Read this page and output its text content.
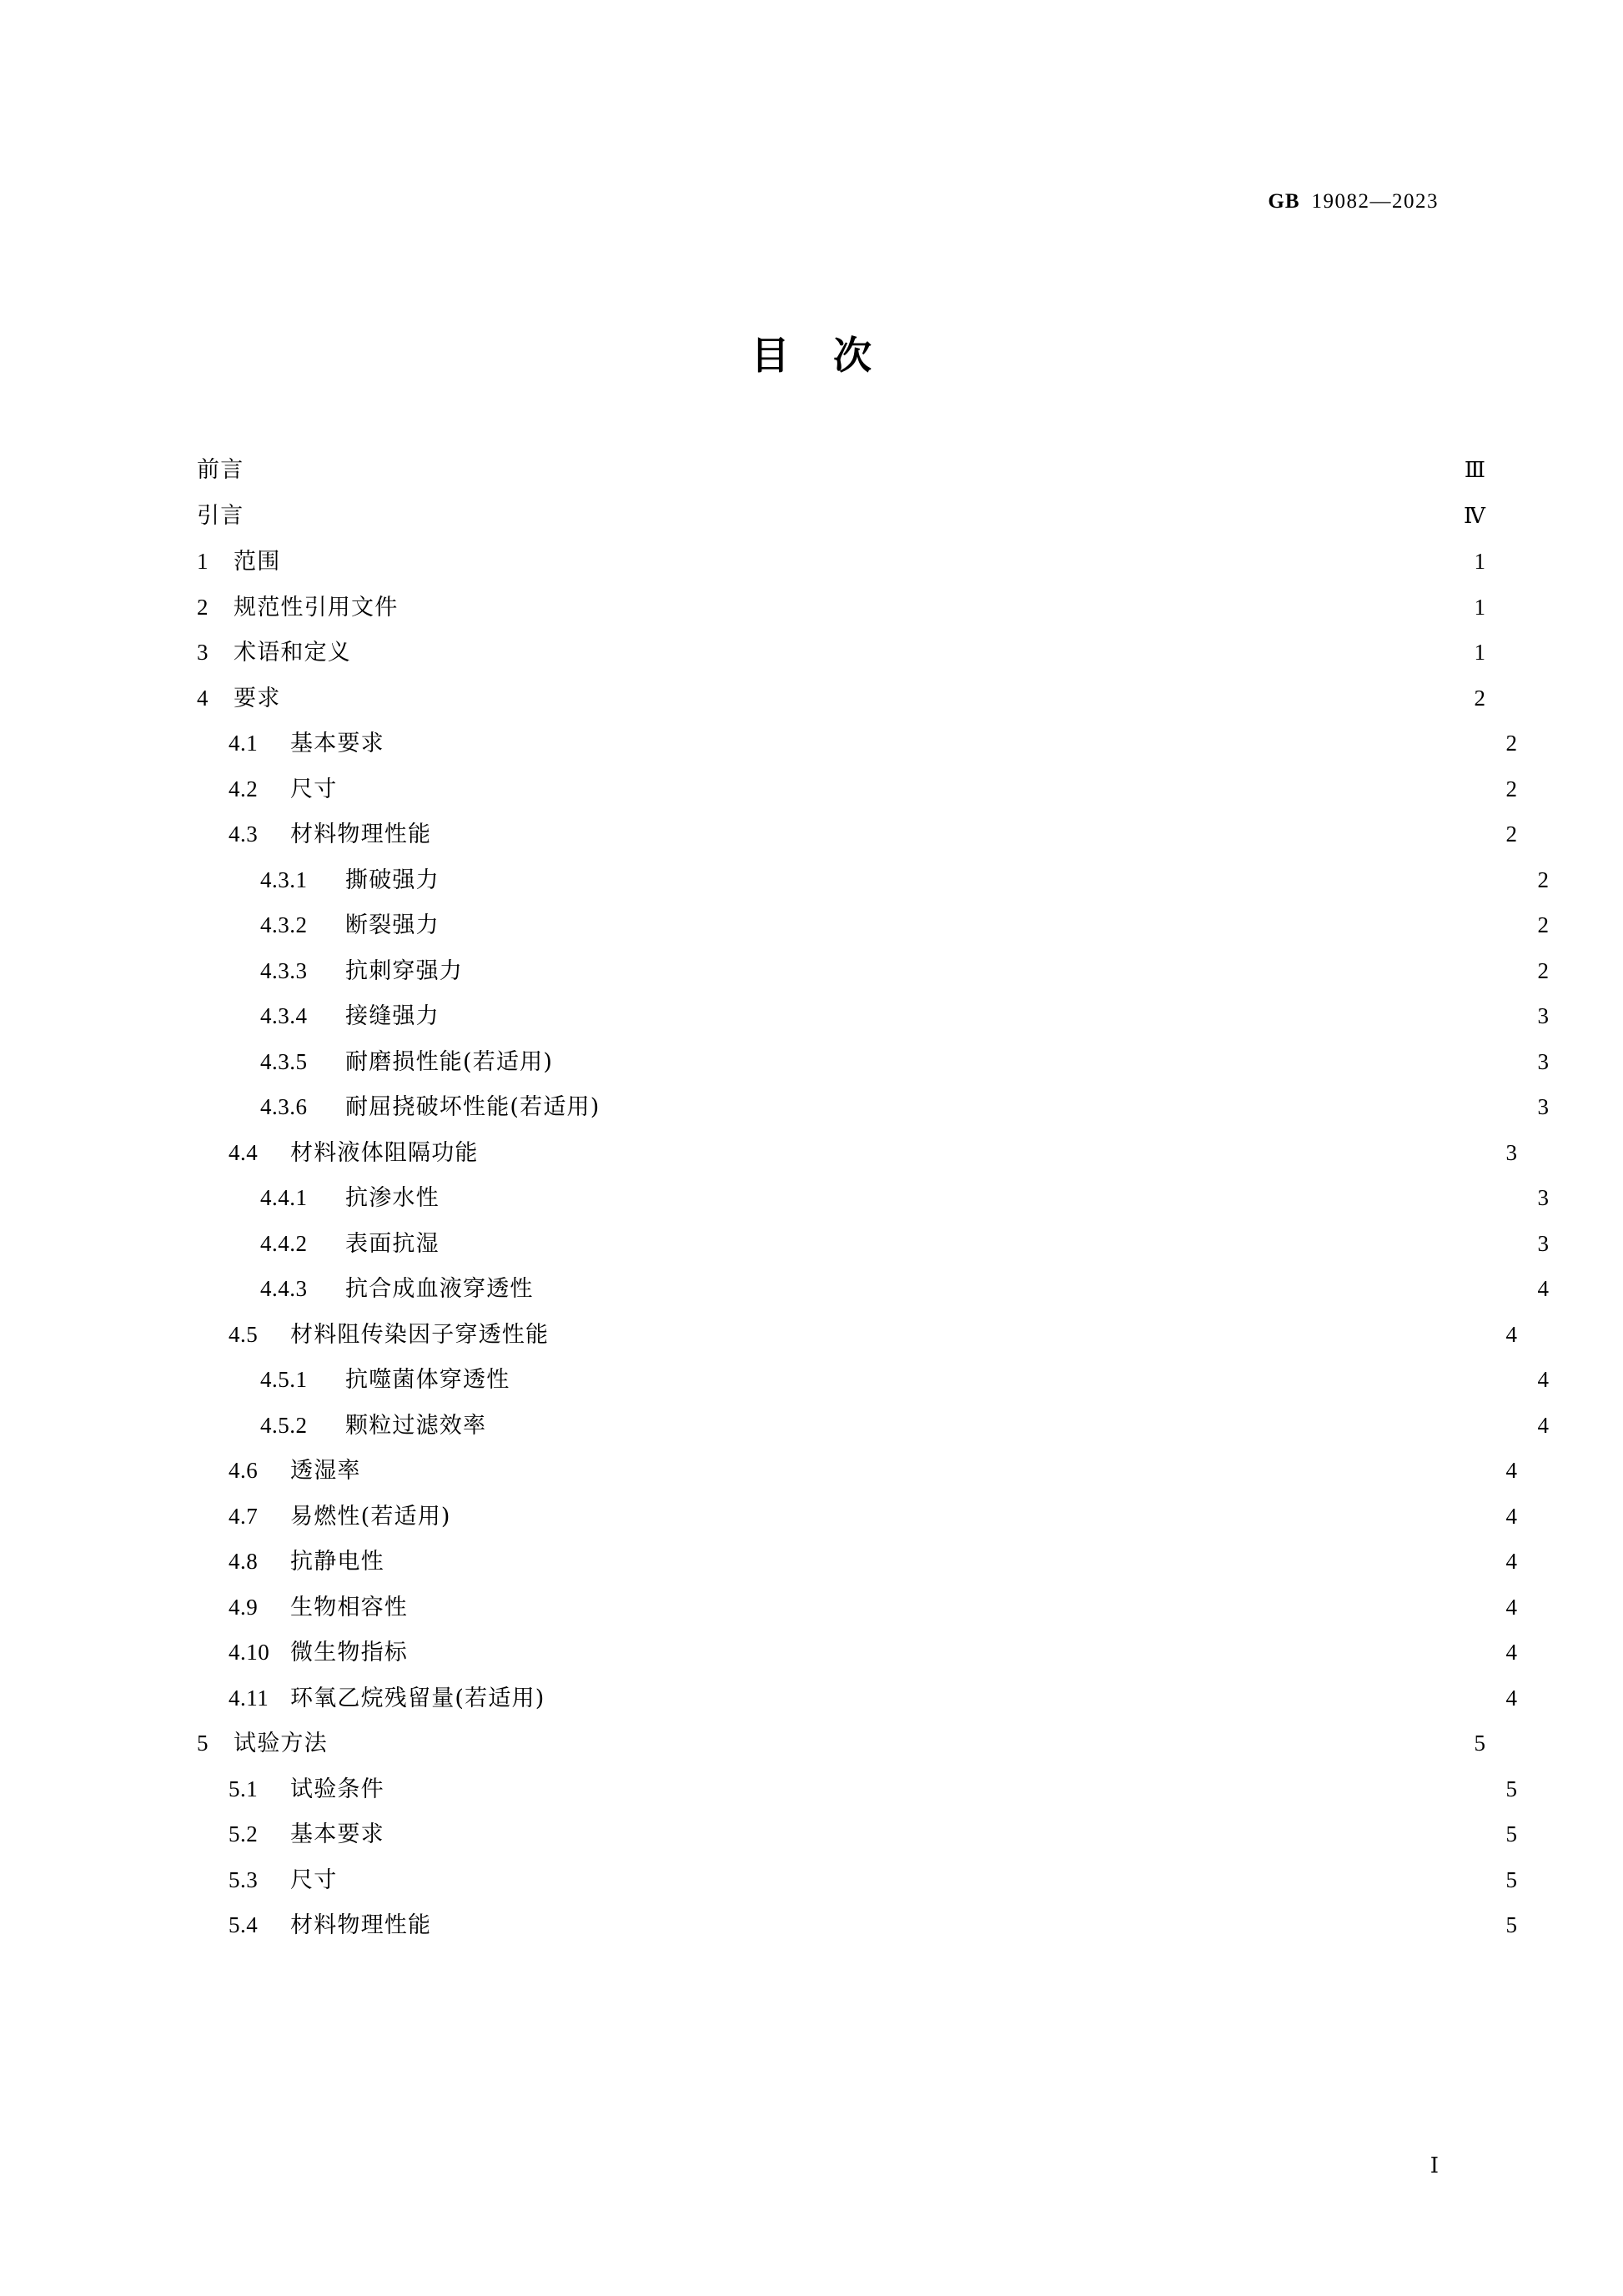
GB 19082—2023
目 次
前言 ·····	Ⅲ
引言 ·····	Ⅳ
1	范围 ·····	1
2	规范性引用文件 ·····	1
3	术语和定义 ·····	1
4	要求 ·····	2
4.1	基本要求 ·····	2
4.2	尺寸 ·····	2
4.3	材料物理性能 ·····	2
4.3.1	撕破强力 ·····	2
4.3.2	断裂强力 ·····	2
4.3.3	抗刺穿强力 ·····	2
4.3.4	接缝强力 ·····	3
4.3.5	耐磨损性能(若适用) ·····	3
4.3.6	耐屈挠破坏性能(若适用) ·····	3
4.4	材料液体阻隔功能 ·····	3
4.4.1	抗渗水性 ·····	3
4.4.2	表面抗湿 ·····	3
4.4.3	抗合成血液穿透性 ·····	4
4.5	材料阻传染因子穿透性能 ·····	4
4.5.1	抗噬菌体穿透性 ·····	4
4.5.2	颗粒过滤效率 ·····	4
4.6	透湿率 ·····	4
4.7	易燃性(若适用) ·····	4
4.8	抗静电性 ·····	4
4.9	生物相容性 ·····	4
4.10 微生物指标 ·····	4
4.11 环氧乙烷残留量(若适用) ·····	4
5	试验方法 ·····	5
5.1	试验条件 ·····	5
5.2	基本要求 ·····	5
5.3	尺寸 ·····	5
5.4	材料物理性能 ·····	5
Ⅰ
